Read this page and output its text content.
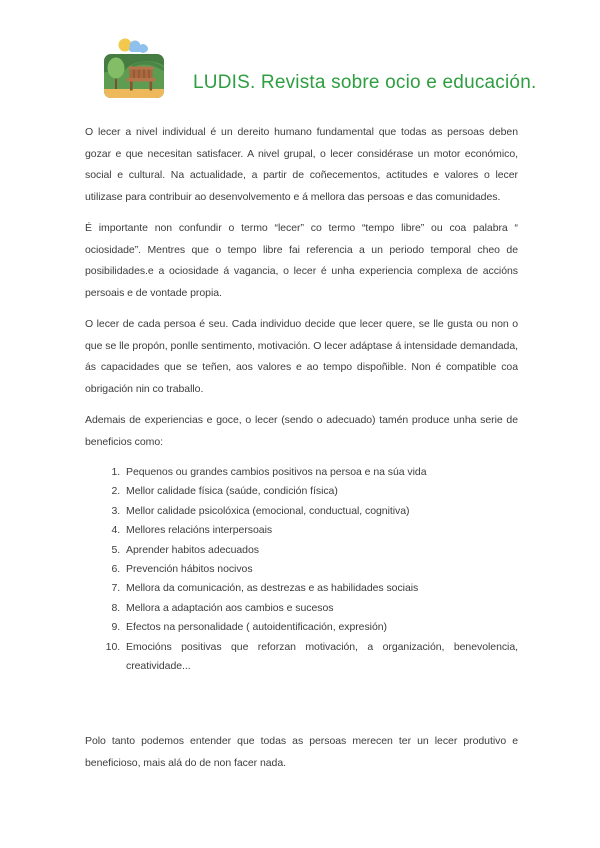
LUDIS. Revista sobre ocio e educación.

O lecer a nivel individual é un dereito humano fundamental que todas as persoas deben gozar e que necesitan satisfacer. A nivel grupal, o lecer considérase un motor económico, social e cultural. Na actualidade, a partir de coñecementos, actitudes e valores o lecer utilizase para contribuir ao desenvolvemento e á mellora das persoas e das comunidades.

É importante non confundir o termo “lecer” co termo “tempo libre” ou coa palabra “ ociosidade”. Mentres que o tempo libre fai referencia a un periodo temporal cheo de posibilidades.e a ociosidade á vagancia, o lecer é unha experiencia complexa de accións persoais e de vontade propia.

O lecer de cada persoa é seu. Cada individuo decide que lecer quere, se lle gusta ou non o que se lle propón, ponlle sentimento, motivación. O lecer adáptase á intensidade demandada, ás capacidades que se teñen, aos valores e ao tempo dispoñible. Non é compatible coa obrigación nin co traballo.

Ademais de experiencias e goce, o lecer (sendo o adecuado) tamén produce unha serie de beneficios como:

1. Pequenos ou grandes cambios positivos na persoa e na súa vida
2. Mellor calidade física (saúde, condición física)
3. Mellor calidade psicolóxica (emocional, conductual, cognitiva)
4. Mellores relacións interpersoais
5. Aprender habitos adecuados
6. Prevención hábitos nocivos
7. Mellora da comunicación, as destrezas e as habilidades sociais
8. Mellora a adaptación aos cambios e sucesos
9. Efectos na personalidade ( autoidentificación, expresión)
10. Emocións positivas que reforzan motivación, a organización, benevolencia, creatividade...

Polo tanto podemos entender que todas as persoas merecen ter un lecer produtivo e beneficioso, mais alá do de non facer nada.
